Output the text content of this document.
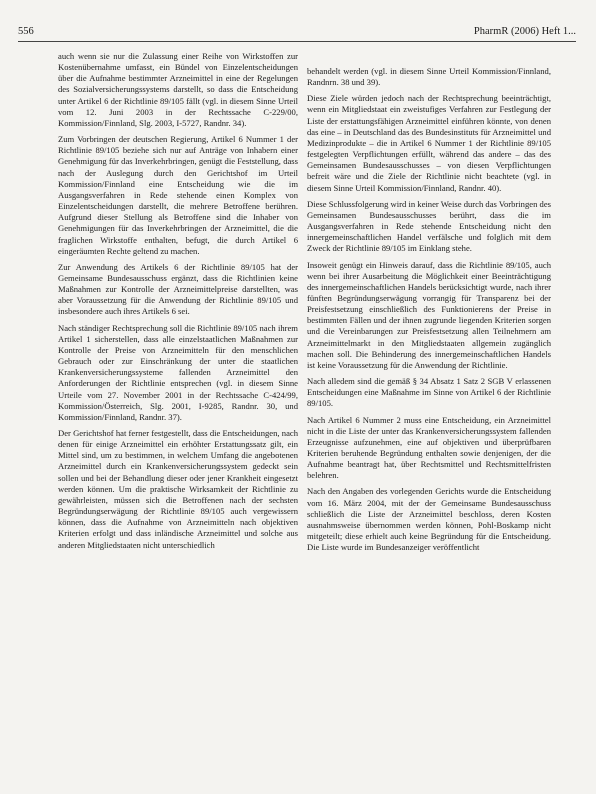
556	PharmR (2006) Heft 1...

auch wenn sie nur die Zulassung einer Reihe von Wirkstoffen zur Kostenübernahme umfasst, ein Bündel von Einzelentscheidungen über die Aufnahme bestimmter Arzneimittel in eine der Regelungen des Sozialversicherungssystems darstellt, so dass die Entscheidung unter Artikel 6 der Richtlinie 89/105 fällt (vgl. in diesem Sinne Urteil vom 12. Juni 2003 in der Rechtssache C-229/00, Kommission/Finnland, Slg. 2003, I-5727, Randnr. 34).

Zum Vorbringen der deutschen Regierung, Artikel 6 Nummer 1 der Richtlinie 89/105 beziehe sich nur auf Anträge von Inhabern einer Genehmigung für das Inverkehrbringen, genügt die Feststellung, dass nach der Auslegung durch den Gerichtshof im Urteil Kommission/Finnland eine Entscheidung wie die im Ausgangsverfahren in Rede stehende einen Komplex von Einzelentscheidungen darstellt, die mehrere Betroffene berühren. Aufgrund dieser Stellung als Betroffene sind die Inhaber von Genehmigungen für das Inverkehrbringen der Arzneimittel, die die fraglichen Wirkstoffe enthalten, befugt, die durch Artikel 6 eingeräumten Rechte geltend zu machen.

Zur Anwendung des Artikels 6 der Richtlinie 89/105 hat der Gemeinsame Bundesausschuss ergänzt, dass die Richtlinien keine Maßnahmen zur Kontrolle der Arzneimittelpreise darstellten, was aber Voraussetzung für die Anwendung der Richtlinie 89/105 und insbesondere auch ihres Artikels 6 sei.

Nach ständiger Rechtsprechung soll die Richtlinie 89/105 nach ihrem Artikel 1 sicherstellen, dass alle einzelstaatlichen Maßnahmen zur Kontrolle der Preise von Arzneimitteln für den menschlichen Gebrauch oder zur Einschränkung der unter die staatlichen Krankenversicherungssysteme fallenden Arzneimittel den Anforderungen der Richtlinie entsprechen (vgl. in diesem Sinne Urteile vom 27. November 2001 in der Rechtssache C-424/99, Kommission/Österreich, Slg. 2001, I-9285, Randnr. 30, und Kommission/Finnland, Randnr. 37).

Der Gerichtshof hat ferner festgestellt, dass die Entscheidungen, nach denen für einige Arzneimittel ein erhöhter Erstattungssatz gilt, ein Mittel sind, um zu bestimmen, in welchem Umfang die angebotenen Arzneimittel durch ein Krankenversicherungssystem gedeckt sein sollen und bei der Behandlung dieser oder jener Krankheit eingesetzt werden können. Um die praktische Wirksamkeit der Richtlinie zu gewährleisten, müssen sich die Betroffenen nach der sechsten Begründungserwägung der Richtlinie 89/105 auch vergewissern können, dass die Aufnahme von Arzneimitteln nach objektiven Kriterien erfolgt und dass inländische Arzneimittel und solche aus anderen Mitgliedstaaten nicht unterschiedlich

behandelt werden (vgl. in diesem Sinne Urteil Kommission/Finnland, Randnrn. 38 und 39).

Diese Ziele würden jedoch nach der Rechtsprechung beeinträchtigt, wenn ein Mitgliedstaat ein zweistufiges Verfahren zur Festlegung der Liste der erstattungsfähigen Arzneimittel einführen könnte, von denen das eine – in Deutschland das des Bundesinstituts für Arzneimittel und Medizinprodukte – die in Artikel 6 Nummer 1 der Richtlinie 89/105 festgelegten Verpflichtungen erfüllt, während das andere – das des Gemeinsamen Bundesausschusses – von diesen Verpflichtungen befreit wäre und die Ziele der Richtlinie nicht beachtete (vgl. in diesem Sinne Urteil Kommission/Finnland, Randnr. 40).

Diese Schlussfolgerung wird in keiner Weise durch das Vorbringen des Gemeinsamen Bundesausschusses berührt, dass die im Ausgangsverfahren in Rede stehende Entscheidung nicht den innergemeinschaftlichen Handel verfälsche und folglich mit dem Zweck der Richtlinie 89/105 im Einklang stehe.

Insoweit genügt ein Hinweis darauf, dass die Richtlinie 89/105, auch wenn bei ihrer Ausarbeitung die Möglichkeit einer Beeinträchtigung des innergemeinschaftlichen Handels berücksichtigt wurde, nach ihrer fünften Begründungserwägung vorrangig für Transparenz bei der Preisfestsetzung einschließlich des Funktionierens der Preise in bestimmten Fällen und der ihnen zugrunde liegenden Kriterien sorgen und die Vereinbarungen zur Preisfestsetzung allen Teilnehmern am Arzneimittelmarkt in den Mitgliedstaaten allgemein zugänglich machen soll. Die Behinderung des innergemeinschaftlichen Handels ist keine Voraussetzung für die Anwendung der Richtlinie.

Nach alledem sind die gemäß § 34 Absatz 1 Satz 2 SGB V erlassenen Entscheidungen eine Maßnahme im Sinne von Artikel 6 der Richtlinie 89/105.

Nach Artikel 6 Nummer 2 muss eine Entscheidung, ein Arzneimittel nicht in die Liste der unter das Krankenversicherungssystem fallenden Erzeugnisse aufzunehmen, eine auf objektiven und überprüfbaren Kriterien beruhende Begründung enthalten sowie denjenigen, der die Aufnahme beantragt hat, über Rechtsmittel und Rechtsmittelfristen belehren.

Nach den Angaben des vorlegenden Gerichts wurde die Entscheidung vom 16. März 2004, mit der der Gemeinsame Bundesausschuss schließlich die Liste der Arzneimittel beschloss, deren Kosten ausnahmsweise übernommen werden können, Pohl-Boskamp nicht mitgeteilt; diese erhielt auch keine Begründung für die Entscheidung. Die Liste wurde im Bundesanzeiger veröffentlicht
